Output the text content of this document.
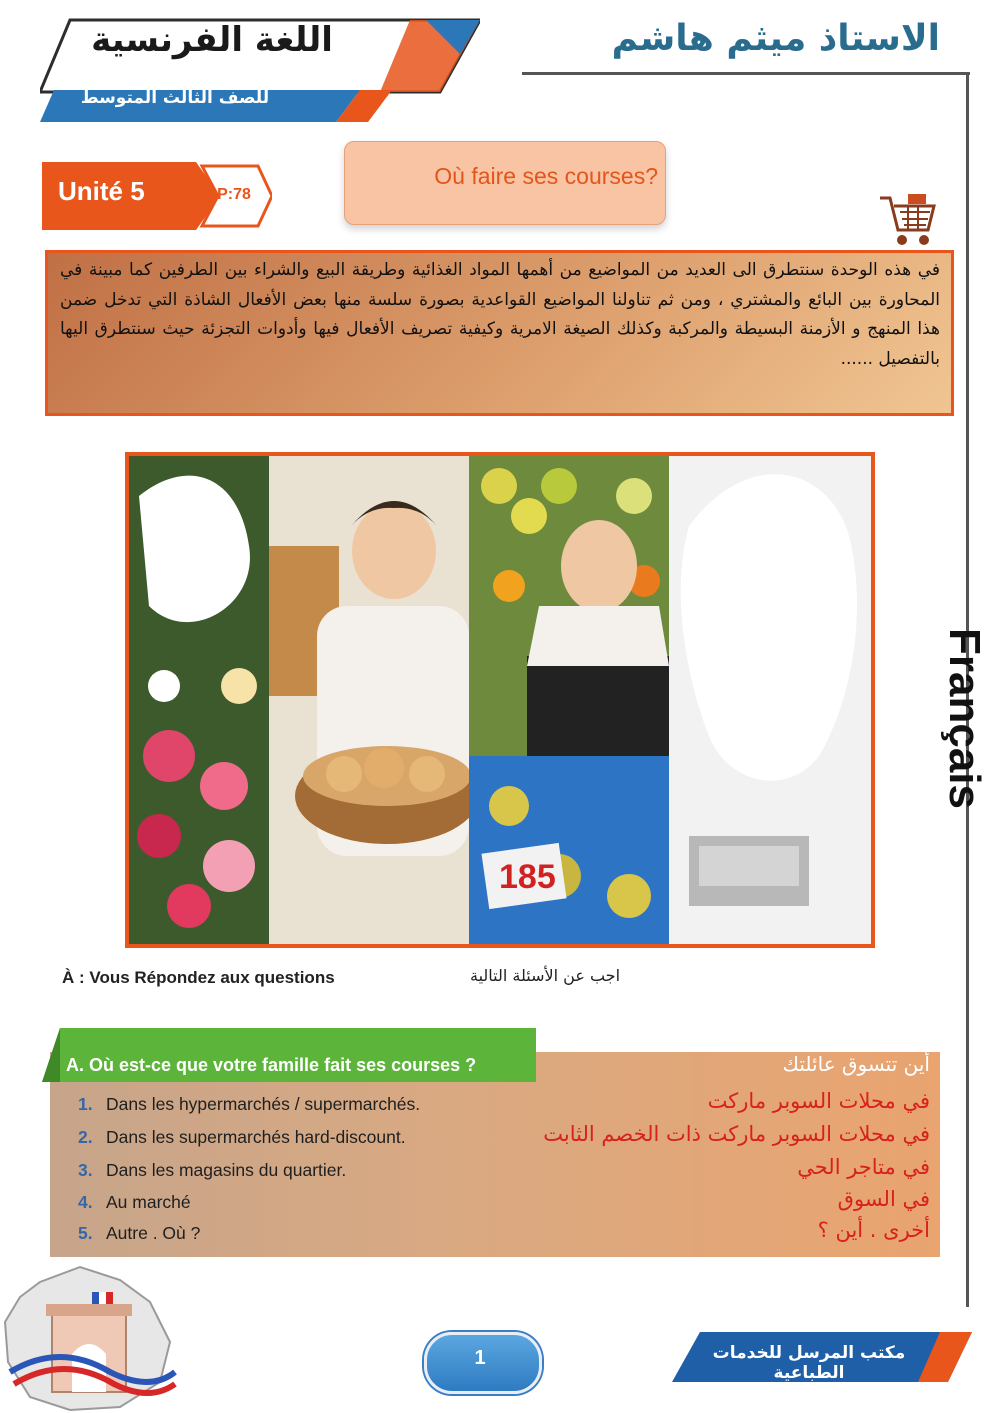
اللغة الفرنسية
للصف الثالث المتوسط
الاستاذ ميثم هاشم
Unité 5	P:78
Où faire ses courses?
في هذه الوحدة سنتطرق الى العديد من المواضيع من أهمها المواد الغذائية وطريقة البيع والشراء بين الطرفين كما مبينة في المحاورة بين البائع والمشتري ، ومن ثم تناولنا المواضيع القواعدية بصورة سلسة منها بعض الأفعال الشاذة التي تدخل ضمن هذا المنهج و الأزمنة البسيطة والمركبة وكذلك الصيغة الامرية وكيفية تصريف الأفعال فيها وأدوات التجزئة حيث سنتطرق اليها بالتفصيل ......
185
À : Vous Répondez aux questions	اجب عن الأسئلة التالية
A. Où est-ce que votre famille fait ses courses ?	أين تتسوق عائلتك
1. Dans les hypermarchés / supermarchés.	في محلات السوبر ماركت
2. Dans les supermarchés hard-discount.	في محلات السوبر ماركت ذات الخصم الثابت
3. Dans les magasins du quartier.	في متاجر الحي
4. Au marché	في السوق
5. Autre . Où ?	أخرى . أين ؟
Français
1	مكتب المرسل للخدمات الطباعية
